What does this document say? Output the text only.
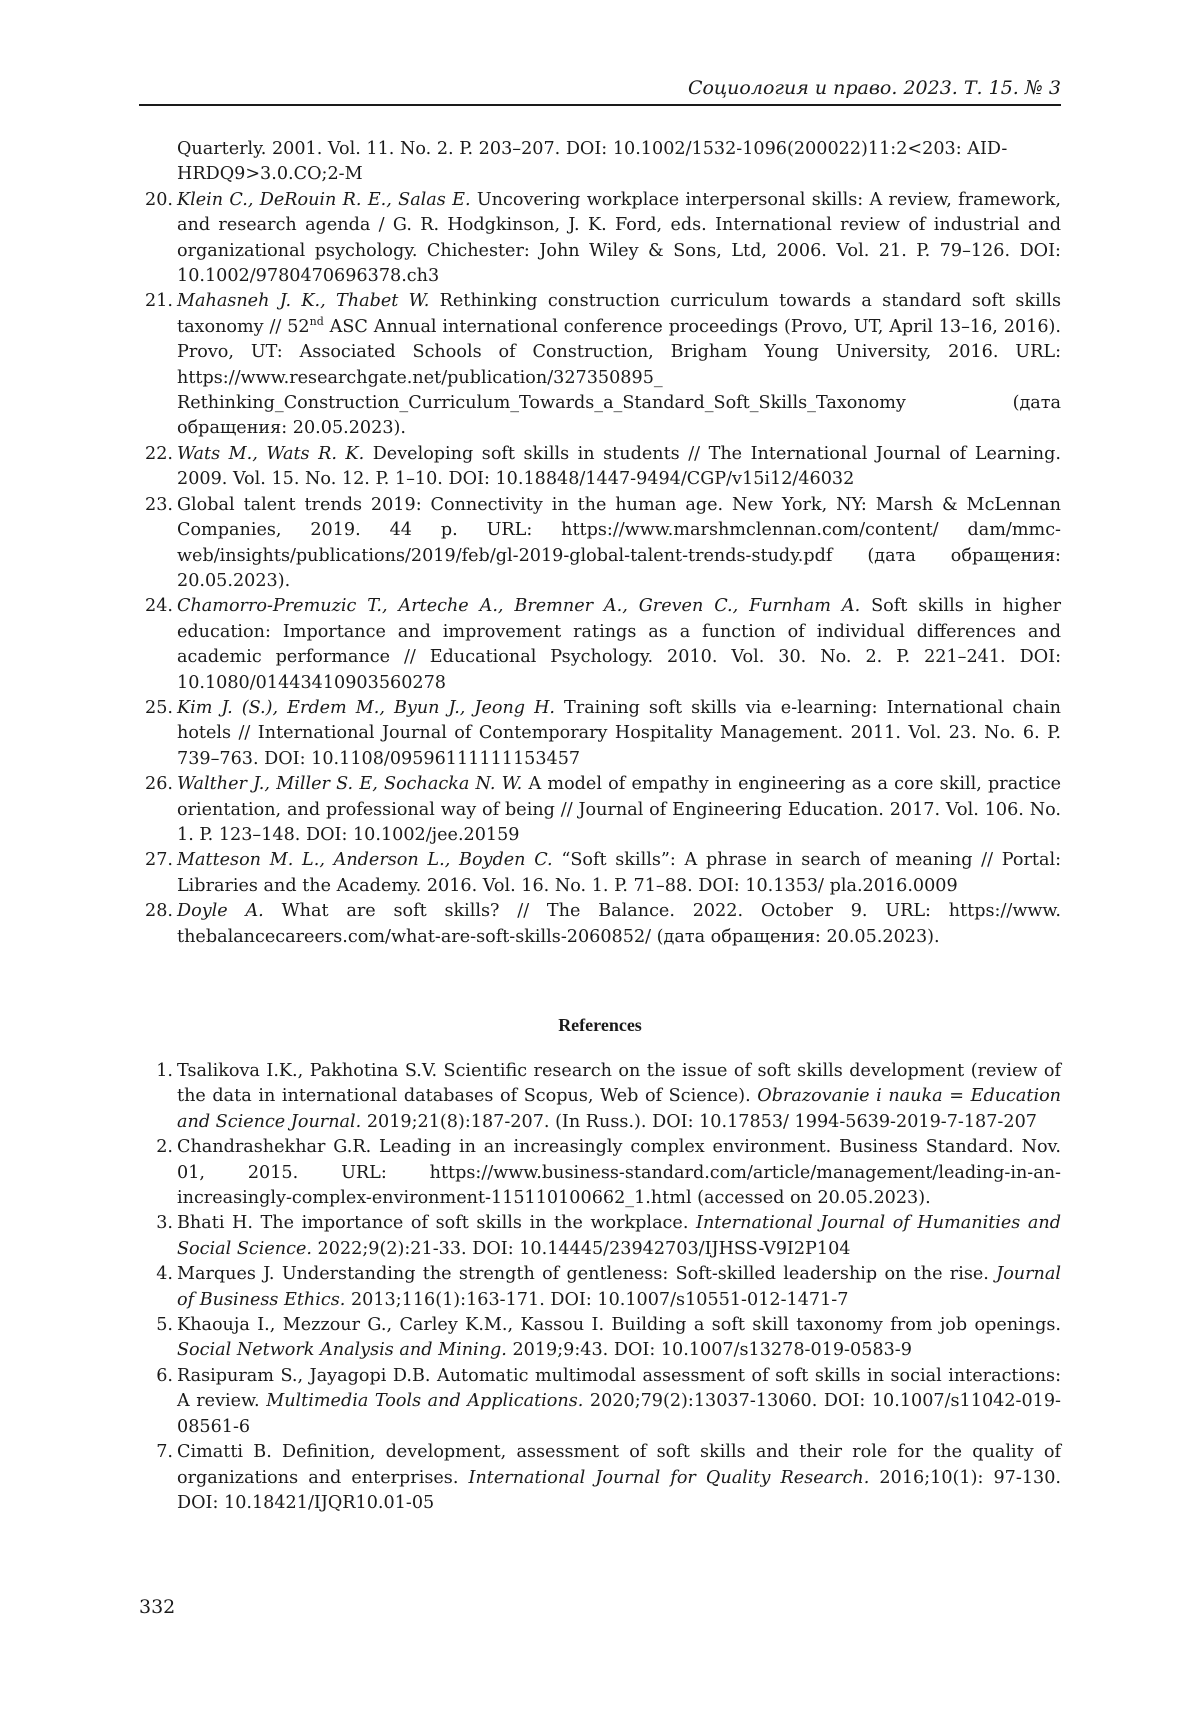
Социология и право. 2023. Т. 15. № 3
Quarterly. 2001. Vol. 11. No. 2. P. 203–207. DOI: 10.1002/1532-1096(200022)11:2<203: AID-HRDQ9>3.0.CO;2-M
20. Klein C., DeRouin R. E., Salas E. Uncovering workplace interpersonal skills: A review, framework, and research agenda / G. R. Hodgkinson, J. K. Ford, eds. International review of industrial and organizational psychology. Chichester: John Wiley & Sons, Ltd, 2006. Vol. 21. P. 79–126. DOI: 10.1002/9780470696378.ch3
21. Mahasneh J. K., Thabet W. Rethinking construction curriculum towards a standard soft skills taxonomy // 52nd ASC Annual international conference proceedings (Provo, UT, April 13–16, 2016). Provo, UT: Associated Schools of Construction, Brigham Young University, 2016. URL: https://www.researchgate.net/publication/327350895_ Rethinking_Construction_Curriculum_Towards_a_Standard_Soft_Skills_Taxonomy (дата обращения: 20.05.2023).
22. Wats M., Wats R. K. Developing soft skills in students // The International Journal of Learning. 2009. Vol. 15. No. 12. P. 1–10. DOI: 10.18848/1447-9494/CGP/v15i12/46032
23. Global talent trends 2019: Connectivity in the human age. New York, NY: Marsh & McLennan Companies, 2019. 44 p. URL: https://www.marshmclennan.com/content/ dam/mmc-web/insights/publications/2019/feb/gl-2019-global-talent-trends-study.pdf (дата обращения: 20.05.2023).
24. Chamorro-Premuzic T., Arteche A., Bremner A., Greven C., Furnham A. Soft skills in higher education: Importance and improvement ratings as a function of individual differences and academic performance // Educational Psychology. 2010. Vol. 30. No. 2. P. 221–241. DOI: 10.1080/01443410903560278
25. Kim J. (S.), Erdem M., Byun J., Jeong H. Training soft skills via e-learning: International chain hotels // International Journal of Contemporary Hospitality Management. 2011. Vol. 23. No. 6. P. 739–763. DOI: 10.1108/09596111111153457
26. Walther J., Miller S. E, Sochacka N. W. A model of empathy in engineering as a core skill, practice orientation, and professional way of being // Journal of Engineering Education. 2017. Vol. 106. No. 1. P. 123–148. DOI: 10.1002/jee.20159
27. Matteson M. L., Anderson L., Boyden C. “Soft skills”: A phrase in search of meaning // Portal: Libraries and the Academy. 2016. Vol. 16. No. 1. P. 71–88. DOI: 10.1353/ pla.2016.0009
28. Doyle A. What are soft skills? // The Balance. 2022. October 9. URL: https://www. thebalancecareers.com/what-are-soft-skills-2060852/ (дата обращения: 20.05.2023).
References
1. Tsalikova I.K., Pakhotina S.V. Scientific research on the issue of soft skills development (review of the data in international databases of Scopus, Web of Science). Obrazovanie i nauka = Education and Science Journal. 2019;21(8):187-207. (In Russ.). DOI: 10.17853/ 1994-5639-2019-7-187-207
2. Chandrashekhar G.R. Leading in an increasingly complex environment. Business Standard. Nov. 01, 2015. URL: https://www.business-standard.com/article/management/leading-in-an-increasingly-complex-environment-115110100662_1.html (accessed on 20.05.2023).
3. Bhati H. The importance of soft skills in the workplace. International Journal of Humanities and Social Science. 2022;9(2):21-33. DOI: 10.14445/23942703/IJHSS-V9I2P104
4. Marques J. Understanding the strength of gentleness: Soft-skilled leadership on the rise. Journal of Business Ethics. 2013;116(1):163-171. DOI: 10.1007/s10551-012-1471-7
5. Khaouja I., Mezzour G., Carley K.M., Kassou I. Building a soft skill taxonomy from job openings. Social Network Analysis and Mining. 2019;9:43. DOI: 10.1007/s13278-019-0583-9
6. Rasipuram S., Jayagopi D.B. Automatic multimodal assessment of soft skills in social interactions: A review. Multimedia Tools and Applications. 2020;79(2):13037-13060. DOI: 10.1007/s11042-019-08561-6
7. Cimatti B. Definition, development, assessment of soft skills and their role for the quality of organizations and enterprises. International Journal for Quality Research. 2016;10(1): 97-130. DOI: 10.18421/IJQR10.01-05
332
